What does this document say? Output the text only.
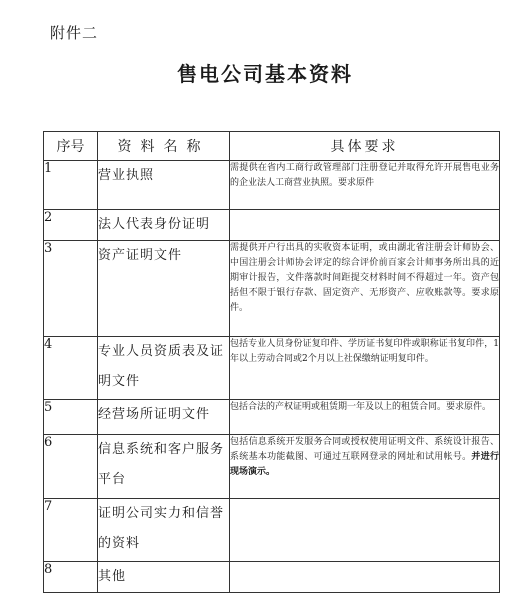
附件二
售电公司基本资料
序号	资料名称	具体要求
1	营业执照	需提供在省内工商行政管理部门注册登记并取得允许开展售电业务的企业法人工商营业执照。要求原件
2	法人代表身份证明	
3	资产证明文件	需提供开户行出具的实收资本证明，或由湖北省注册会计师协会、中国注册会计师协会评定的综合评价前百家会计师事务所出具的近期审计报告，文件落款时间距提交材料时间不得超过一年。资产包括但不限于银行存款、固定资产、无形资产、应收账款等。要求原件。
4	专业人员资质表及证明文件	包括专业人员身份证复印件、学历证书复印件或职称证书复印件，1年以上劳动合同或2个月以上社保缴纳证明复印件。
5	经营场所证明文件	包括合法的产权证明或租赁期一年及以上的租赁合同。要求原件。
6	信息系统和客户服务平台	包括信息系统开发服务合同或授权使用证明文件、系统设计报告、系统基本功能截图、可通过互联网登录的网址和试用帐号。并进行现场演示。
7	证明公司实力和信誉的资料	
8	其他	
